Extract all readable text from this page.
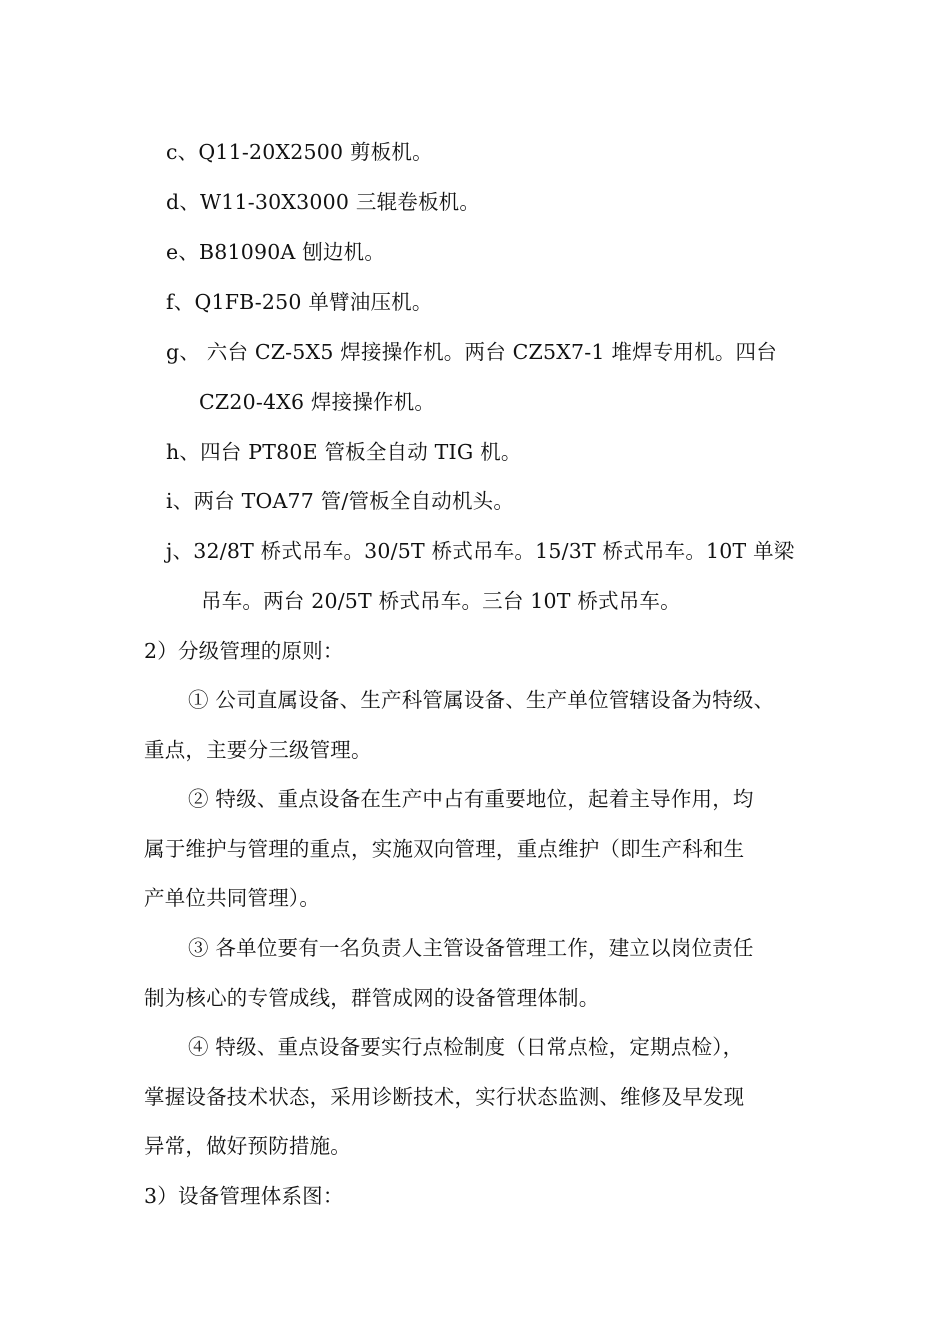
c、Q11-20X2500 剪板机。
d、W11-30X3000 三辊卷板机。
e、B81090A 刨边机。
f、Q1FB-250 单臂油压机。
g、 六台 CZ-5X5 焊接操作机。两台 CZ5X7-1 堆焊专用机。四台
CZ20-4X6 焊接操作机。
h、四台 PT80E 管板全自动 TIG 机。
i、两台 TOA77 管/管板全自动机头。
j、32/8T 桥式吊车。30/5T 桥式吊车。15/3T 桥式吊车。10T 单梁
吊车。两台 20/5T 桥式吊车。三台 10T 桥式吊车。
2）分级管理的原则：
① 公司直属设备、生产科管属设备、生产单位管辖设备为特级、
重点，主要分三级管理。
② 特级、重点设备在生产中占有重要地位，起着主导作用，均
属于维护与管理的重点，实施双向管理，重点维护（即生产科和生
产单位共同管理）。
③ 各单位要有一名负责人主管设备管理工作，建立以岗位责任
制为核心的专管成线，群管成网的设备管理体制。
④ 特级、重点设备要实行点检制度（日常点检，定期点检），
掌握设备技术状态，采用诊断技术，实行状态监测、维修及早发现
异常，做好预防措施。
3）设备管理体系图：
